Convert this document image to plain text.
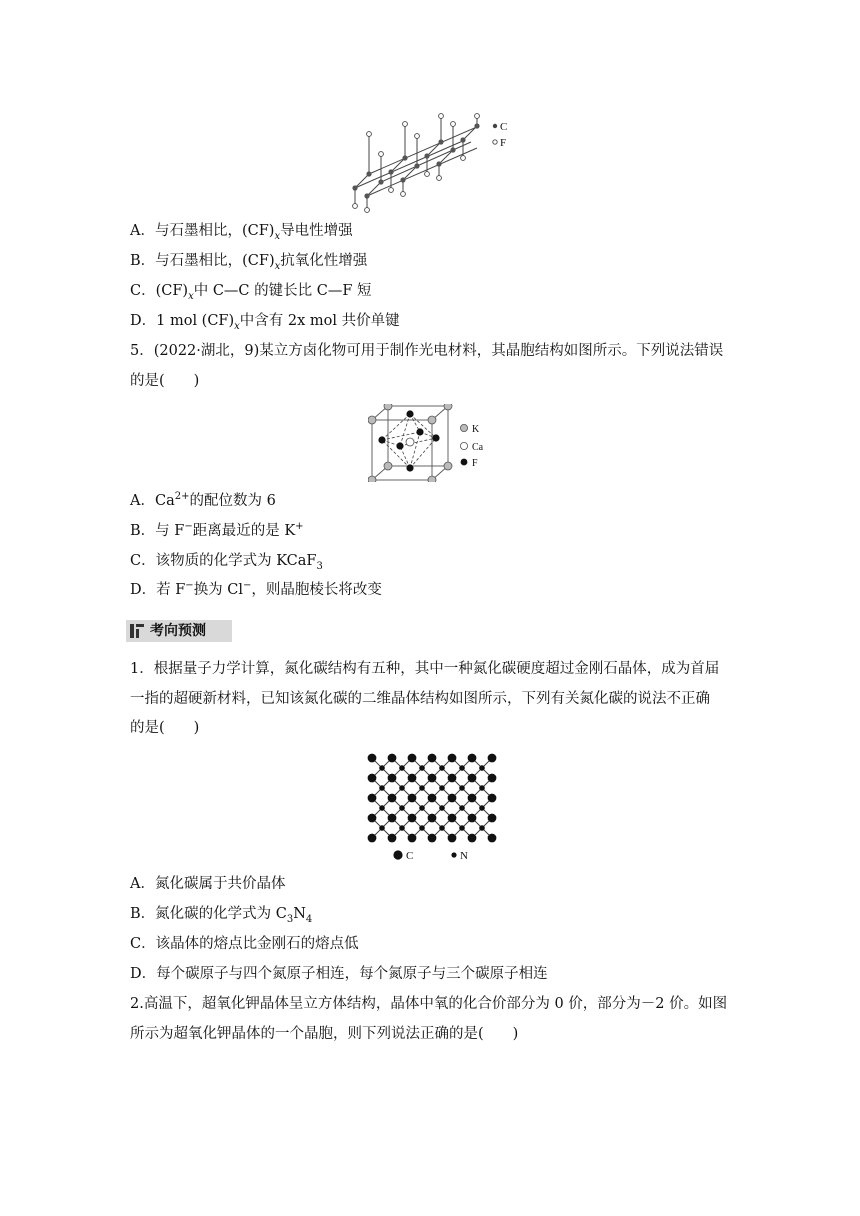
C
F
A．与石墨相比，$(CF)_x$导电性增强
B．与石墨相比，$(CF)_x$抗氧化性增强
C．$(CF)_x$中 C—C 的键长比 C—F 短
D．1 mol $(CF)_x$中含有 2x mol 共价单键
5．(2022·湖北，9)某立方卤化物可用于制作光电材料，其晶胞结构如图所示。下列说法错误
的是(　　)
K
Ca
F
A．$Ca^{2+}$的配位数为 6
B．与 F−距离最近的是 K+
C．该物质的化学式为 KCaF$_3$
D．若 F−换为 Cl−，则晶胞棱长将改变
考向预测
1．根据量子力学计算，氮化碳结构有五种，其中一种氮化碳硬度超过金刚石晶体，成为首届
一指的超硬新材料，已知该氮化碳的二维晶体结构如图所示，下列有关氮化碳的说法不正确
的是(　　)
C	N
A．氮化碳属于共价晶体
B．氮化碳的化学式为 $C_3N_4$
C．该晶体的熔点比金刚石的熔点低
D．每个碳原子与四个氮原子相连，每个氮原子与三个碳原子相连
2.高温下，超氧化钾晶体呈立方体结构，晶体中氧的化合价部分为 0 价，部分为－2 价。如图
所示为超氧化钾晶体的一个晶胞，则下列说法正确的是(　　)
